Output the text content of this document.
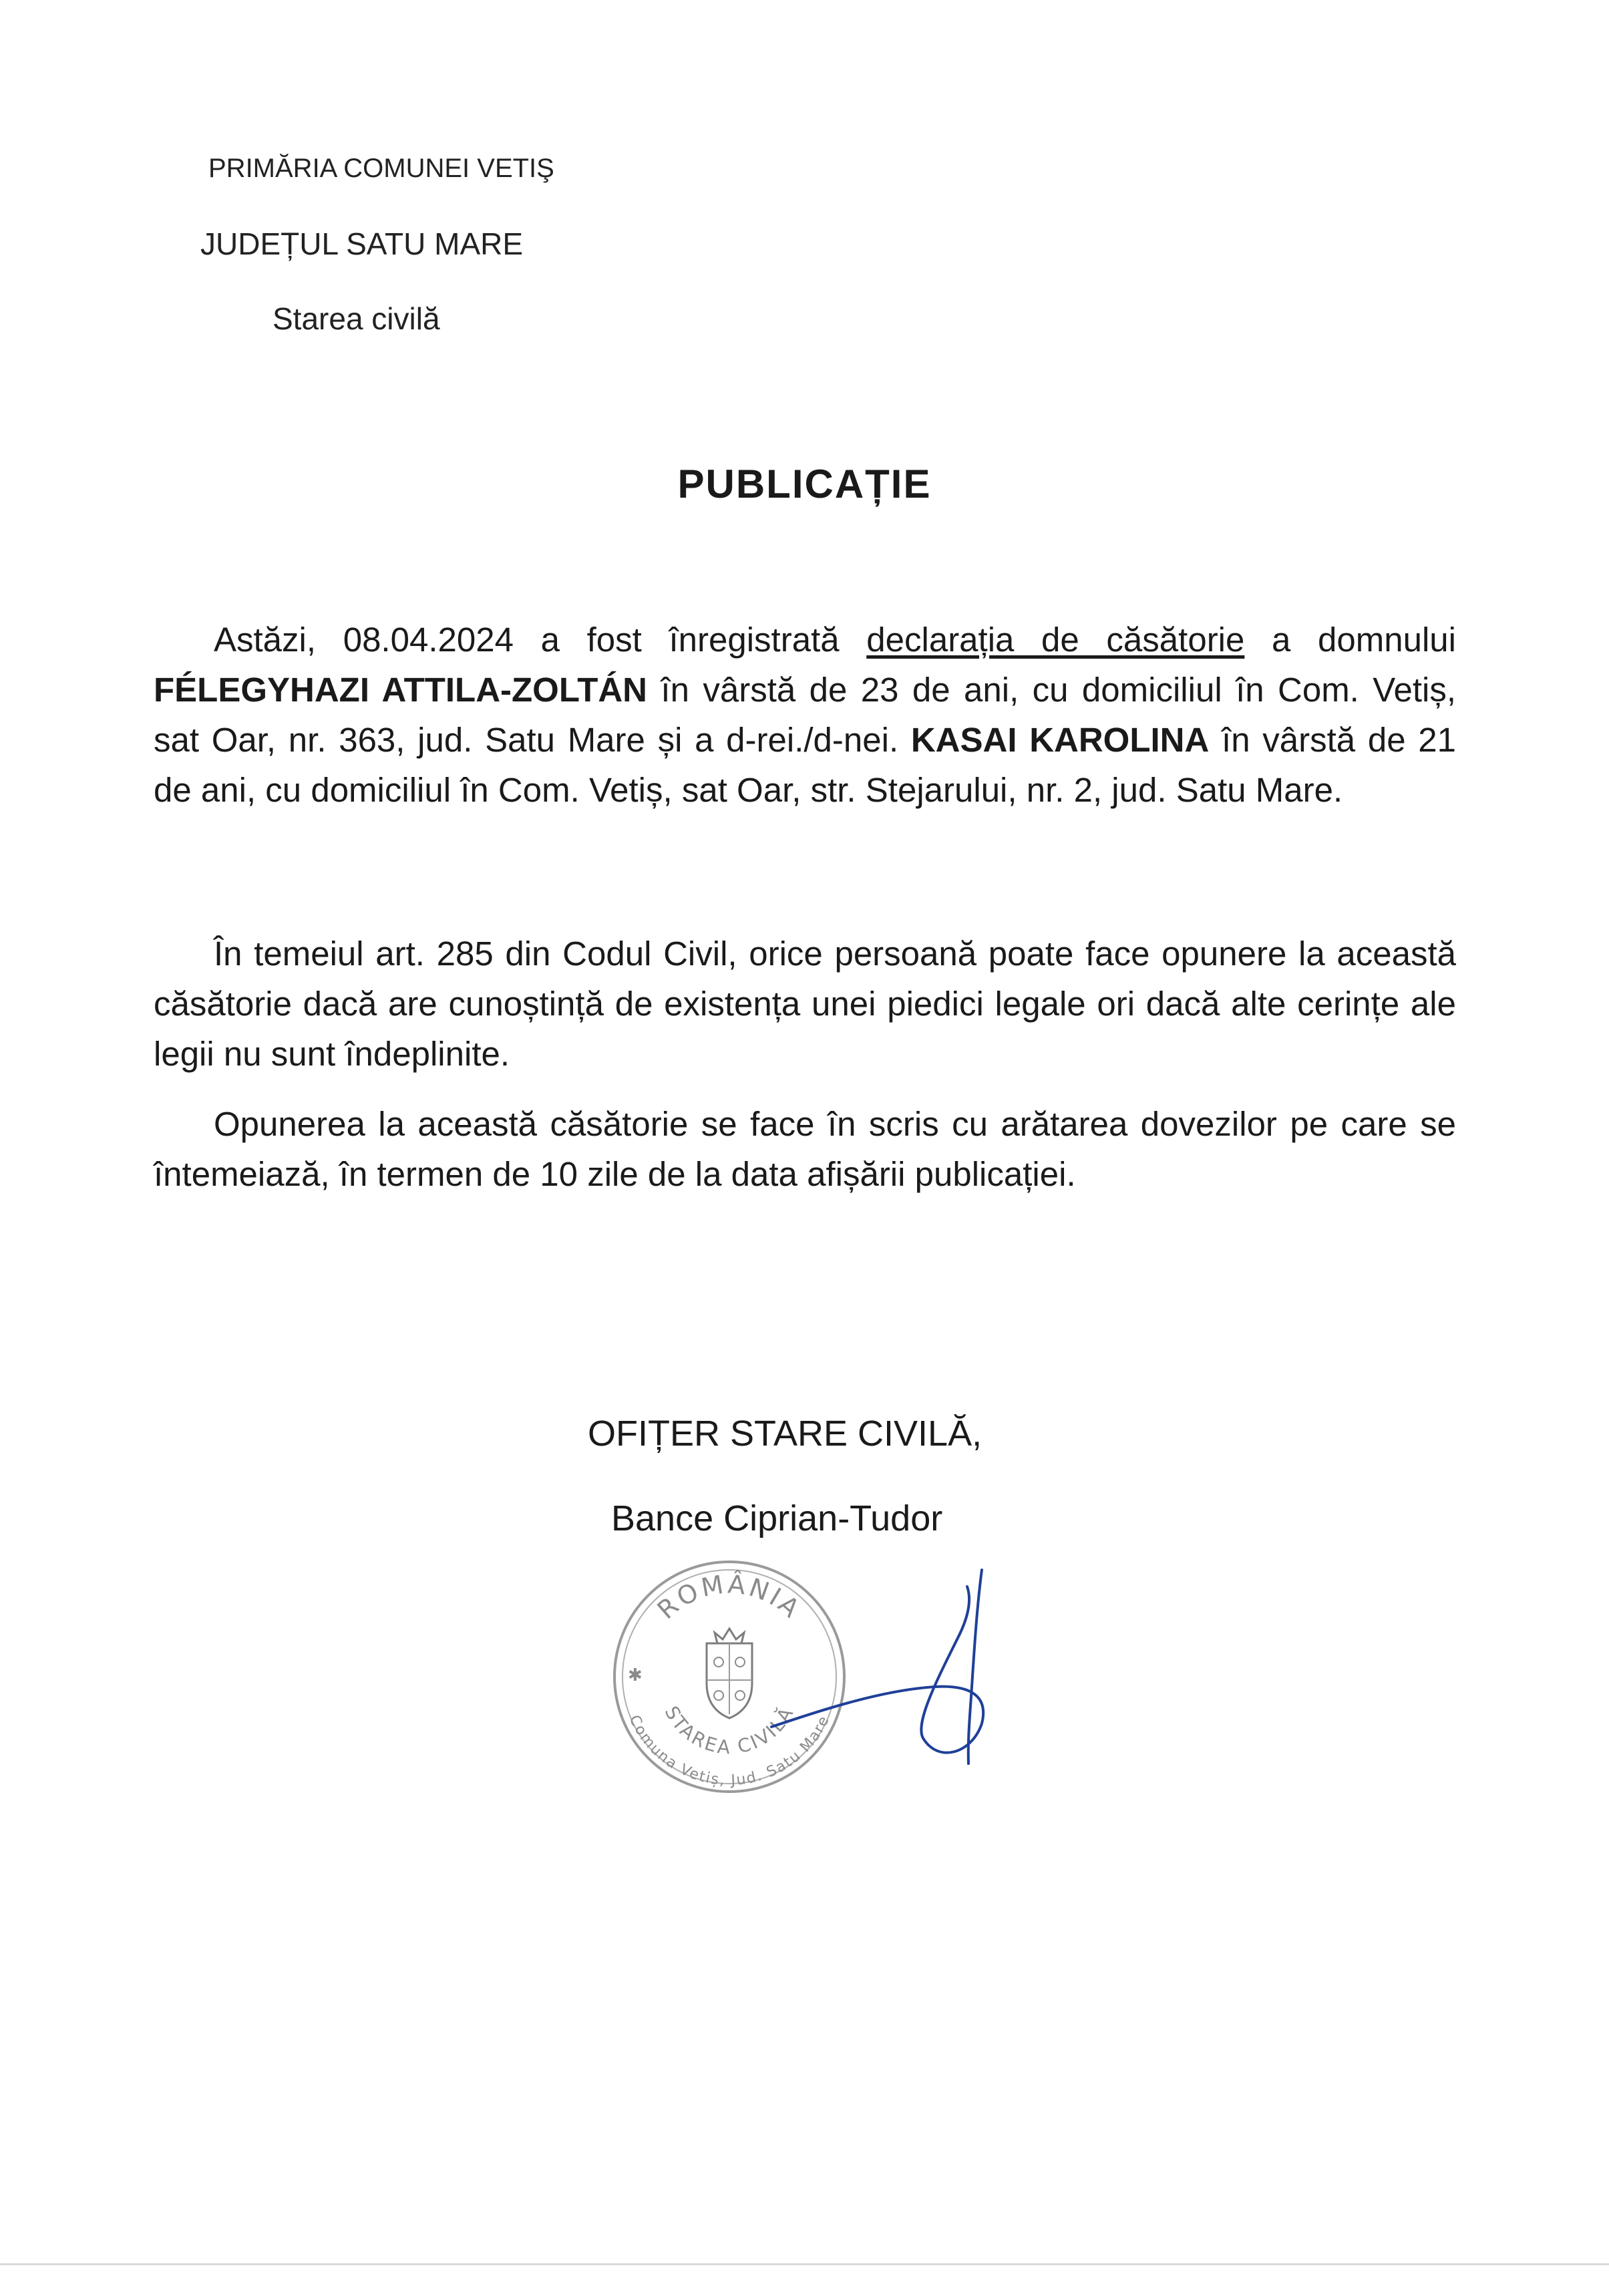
PRIMĂRIA COMUNEI VETIŞ
JUDEȚUL SATU MARE
Starea civilă
PUBLICAȚIE
Astăzi, 08.04.2024 a fost înregistrată declarația de căsătorie a domnului FÉLEGYHAZI ATTILA-ZOLTÁN în vârstă de 23 de ani, cu domiciliul în Com. Vetiș, sat Oar, nr. 363, jud. Satu Mare și a d-rei./d-nei. KASAI KAROLINA în vârstă de 21 de ani, cu domiciliul în Com. Vetiș, sat Oar, str. Stejarului, nr. 2, jud. Satu Mare.
În temeiul art. 285 din Codul Civil, orice persoană poate face opunere la această căsătorie dacă are cunoștință de existența unei piedici legale ori dacă alte cerințe ale legii nu sunt îndeplinite.
Opunerea la această căsătorie se face în scris cu arătarea dovezilor pe care se întemeiază, în termen de 10 zile de la data afișării publicației.
OFIȚER STARE CIVILĂ,
Bance Ciprian-Tudor
ROMÂNIA
Comuna Vetiș, Jud. Satu Mare
STAREA CIVILĂ
✱
